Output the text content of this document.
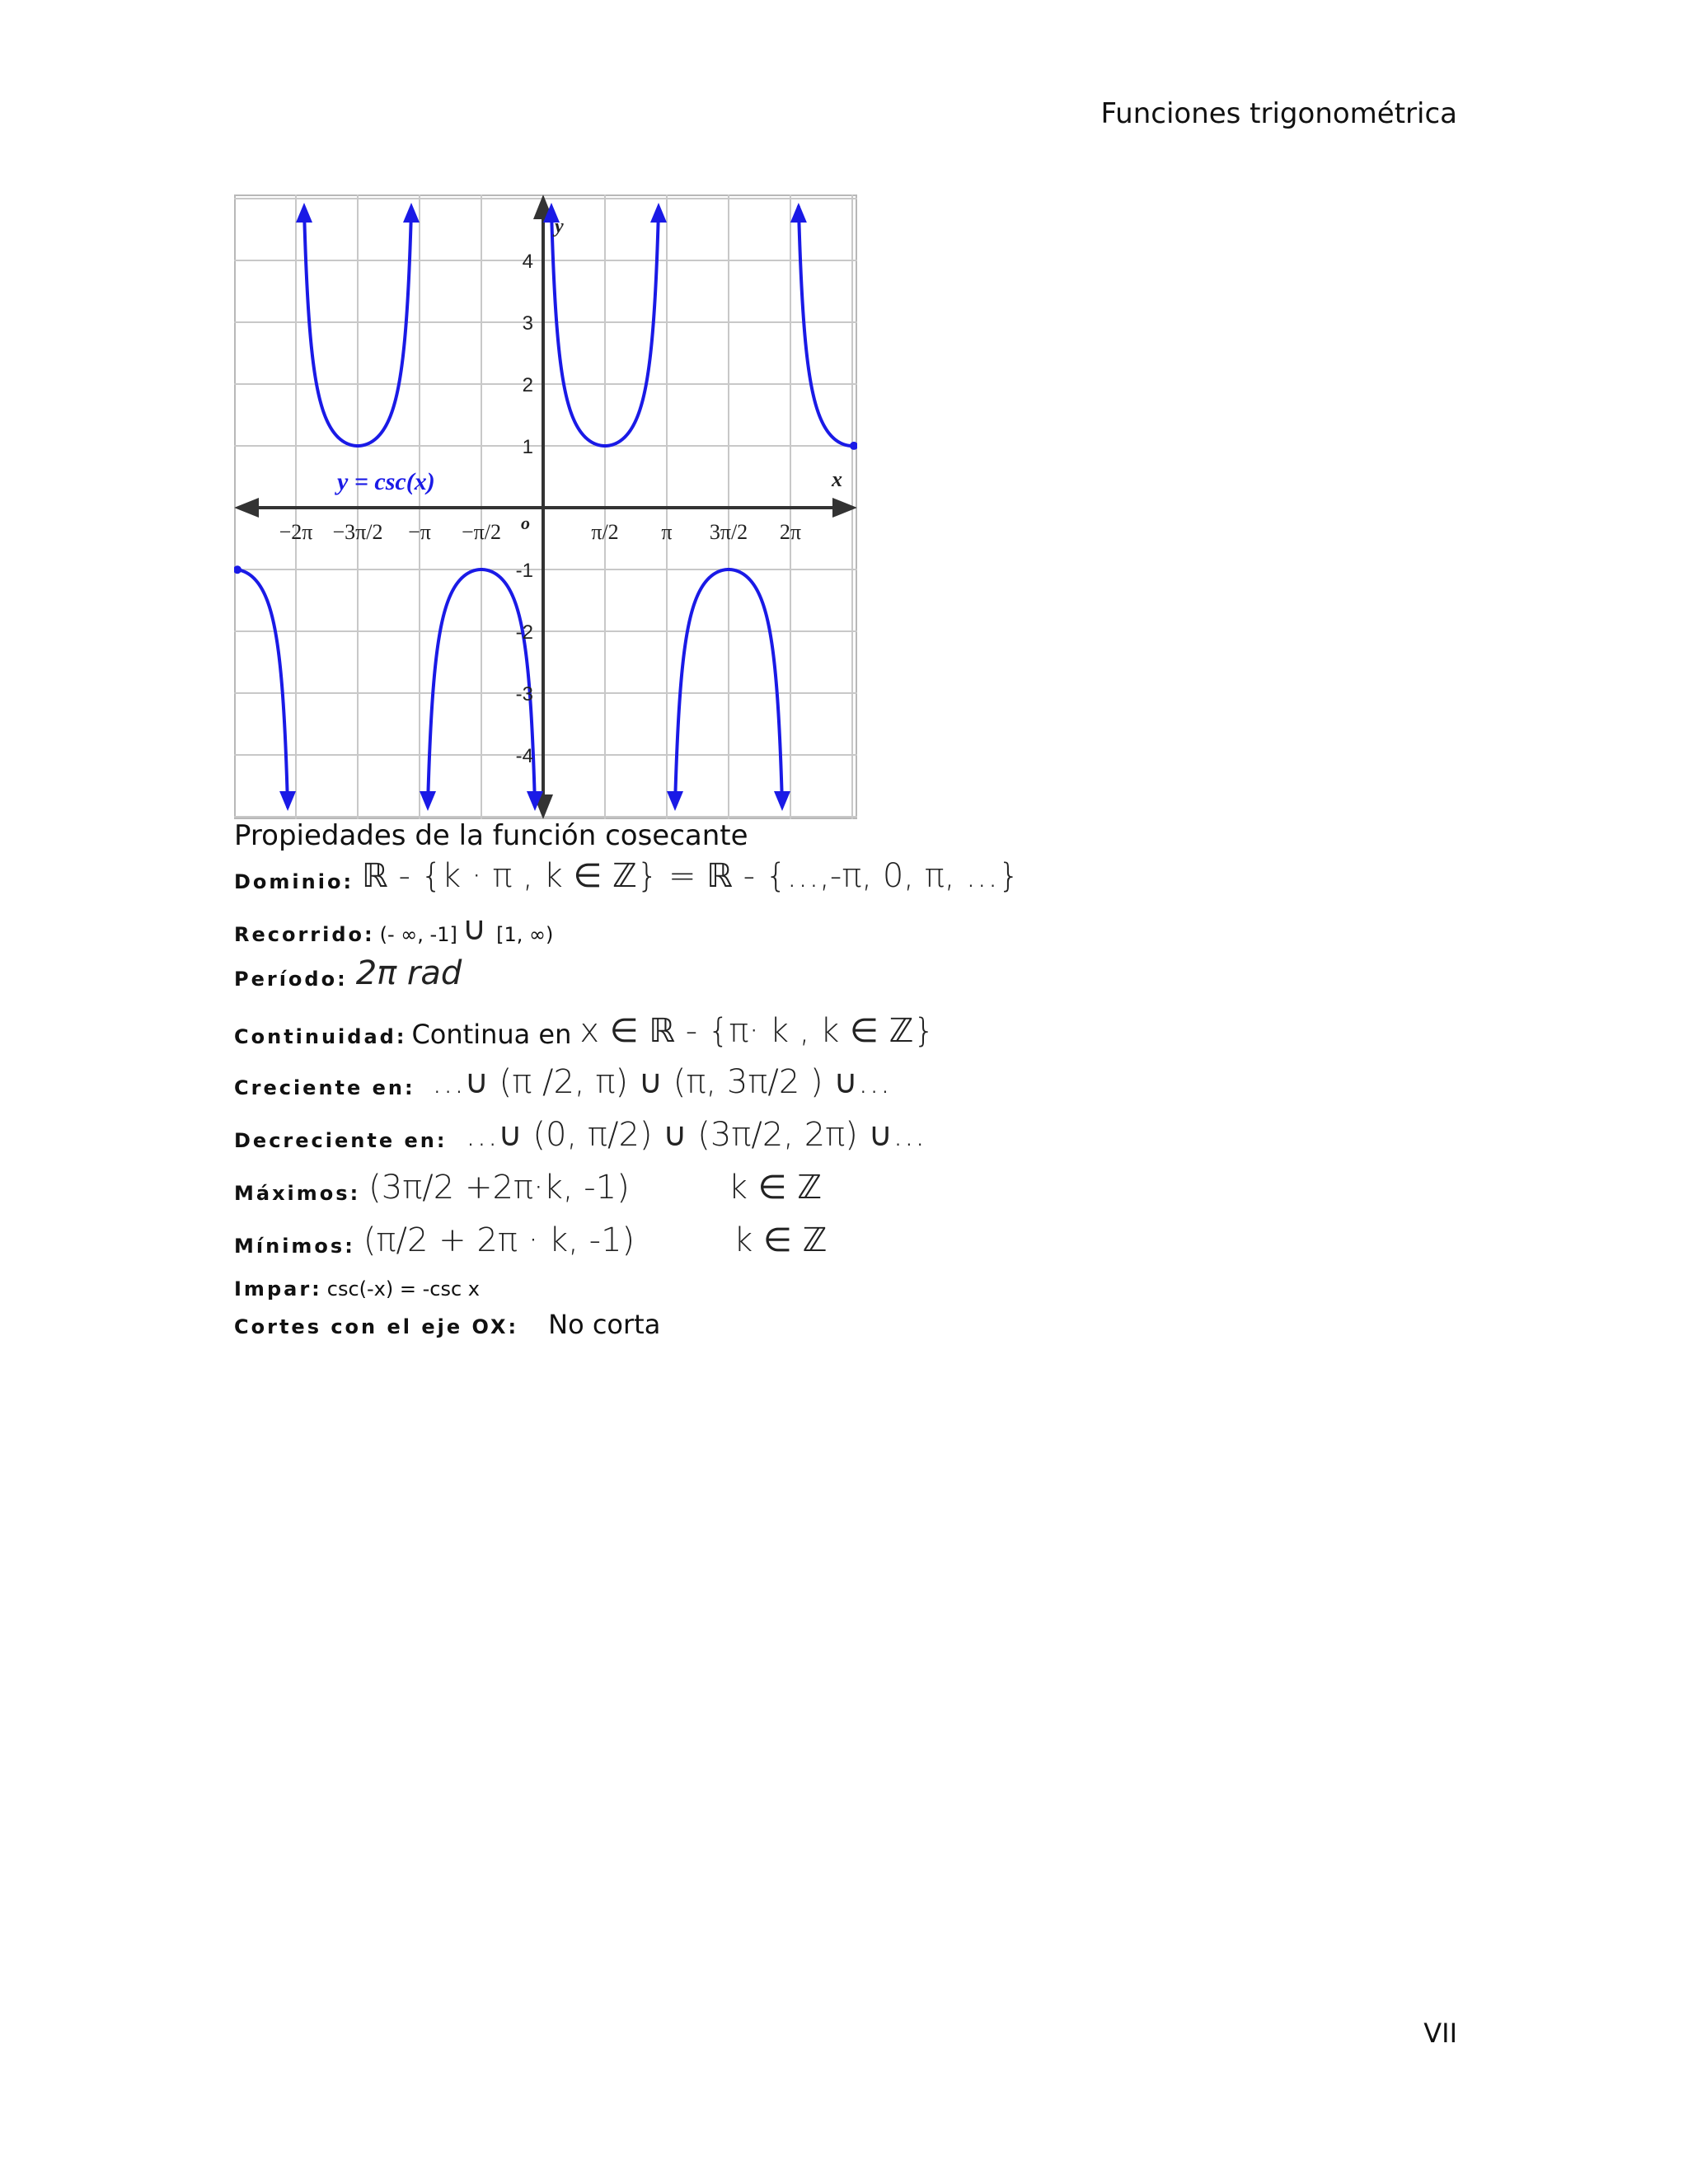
Funciones trigonométrica
−2π −3π/2 −π −π/2	π/2 π 3π/2 2π
4
3
2
1
-1
-2
-3
-4
x
y
o
y = csc(x)
Propiedades de la función cosecante
Dominio: ℝ - {k · π , k ∈ ℤ} = ℝ - {…,-π, 0, π, …}
Recorrido: (- ∞, -1] ∪ [1, ∞)
Período: 2π rad
Continuidad: Continua en x ∈ ℝ - {π· k , k ∈ ℤ}
Creciente en: …∪ (π /2, π) ∪ (π, 3π/2 ) ∪…
Decreciente en: …∪ (0, π/2) ∪ (3π/2, 2π) ∪…
Máximos: (3π/2 +2π·k, -1)	k ∈ ℤ
Mínimos: (π/2 + 2π · k, -1)	k ∈ ℤ
Impar: csc(-x) = -csc x
Cortes con el eje OX: No corta
VII
